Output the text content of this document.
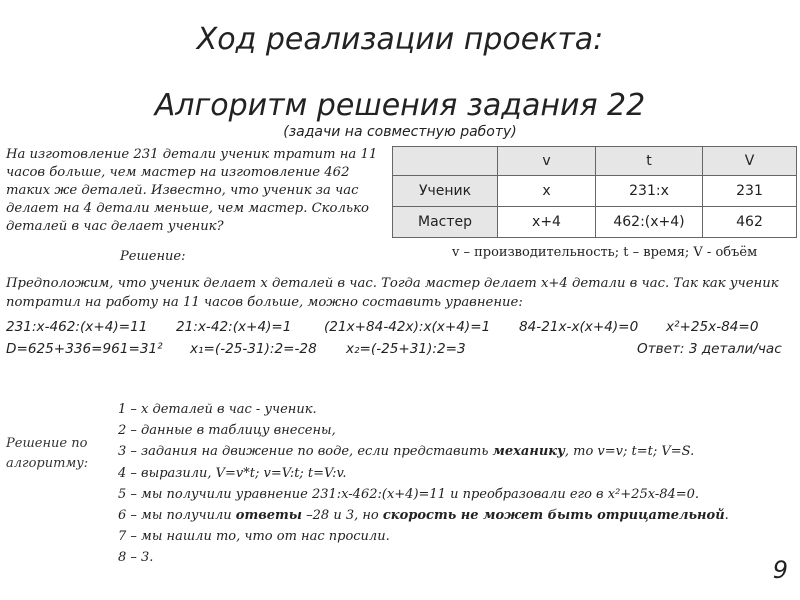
Ход реализации проекта:
Алгоритм решения задания 22
(задачи на совместную работу)
На изготовление 231 детали ученик тратит на 11 часов больше, чем мастер на изготовление 462 таких же деталей. Известно, что ученик за час делает на 4 детали меньше, чем мастер. Сколько деталей в час делает ученик?
	v	t	V
Ученик	x	231:x	231
Мастер	x+4	462:(x+4)	462
Решение:	v – производительность; t – время; V - объём
Предположим, что ученик делает x деталей в час. Тогда мастер делает x+4 детали в час. Так как ученик потратил на работу на 11 часов больше, можно составить уравнение:
231:x-462:(x+4)=11 21:x-42:(x+4)=1 (21x+84-42x):x(x+4)=1 84-21x-x(x+4)=0 x²+25x-84=0
D=625+336=961=31² x₁=(-25-31):2=-28 x₂=(-25+31):2=3	Ответ: 3 детали/час
Решение по
алгоритму:
1 – x деталей в час - ученик.
2 – данные в таблицу внесены,
3 – задания на движение по воде, если представить механику, то v=v; t=t; V=S.
4 – выразили, V=v*t; v=V:t; t=V:v.
5 – мы получили уравнение 231:x-462:(x+4)=11 и преобразовали его в x²+25x-84=0.
6 – мы получили ответы –28 и 3, но скорость не может быть отрицательной.
7 – мы нашли то, что от нас просили.
8 – 3.	9
